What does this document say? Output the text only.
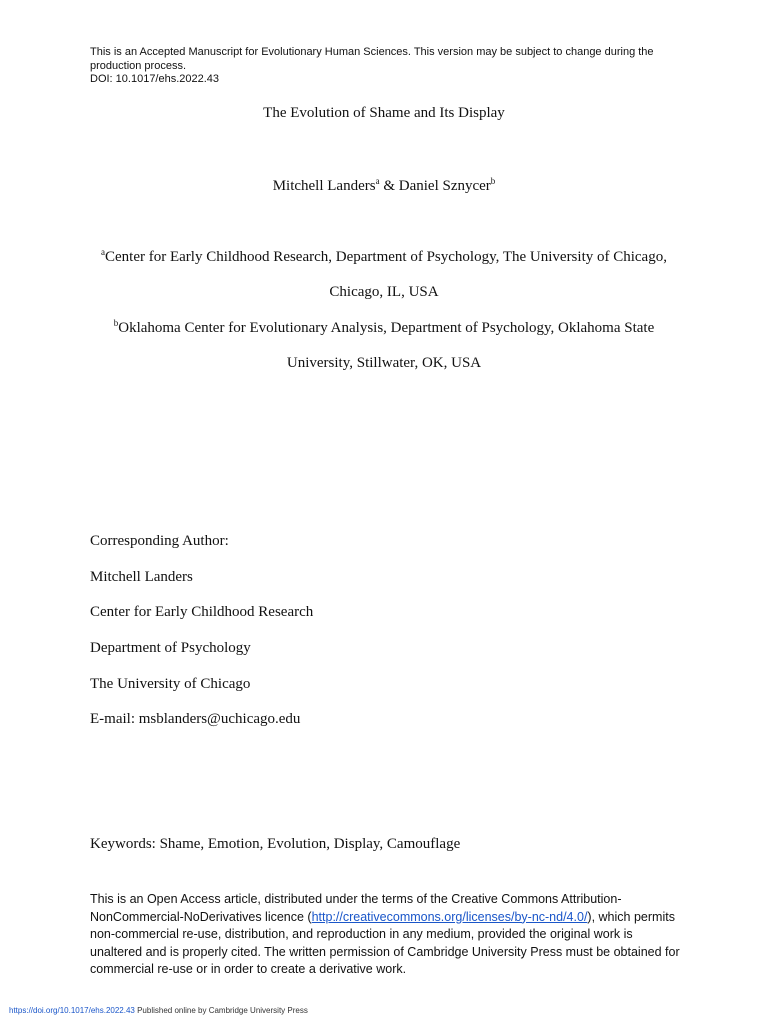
This is an Accepted Manuscript for Evolutionary Human Sciences. This version may be subject to change during the
production process.
DOI: 10.1017/ehs.2022.43
The Evolution of Shame and Its Display
Mitchell Landers$^a$ & Daniel Sznycer$^b$
$^a$Center for Early Childhood Research, Department of Psychology, The University of Chicago,
Chicago, IL, USA
$^b$Oklahoma Center for Evolutionary Analysis, Department of Psychology, Oklahoma State
University, Stillwater, OK, USA
Corresponding Author:
Mitchell Landers
Center for Early Childhood Research
Department of Psychology
The University of Chicago
E-mail: msblanders@uchicago.edu
Keywords: Shame, Emotion, Evolution, Display, Camouflage
This is an Open Access article, distributed under the terms of the Creative Commons Attribution-NonCommercial-NoDerivatives licence (http://creativecommons.org/licenses/by-nc-nd/4.0/), which permits non-commercial re-use, distribution, and reproduction in any medium, provided the original work is unaltered and is properly cited. The written permission of Cambridge University Press must be obtained for commercial re-use or in order to create a derivative work.
https://doi.org/10.1017/ehs.2022.43 Published online by Cambridge University Press
